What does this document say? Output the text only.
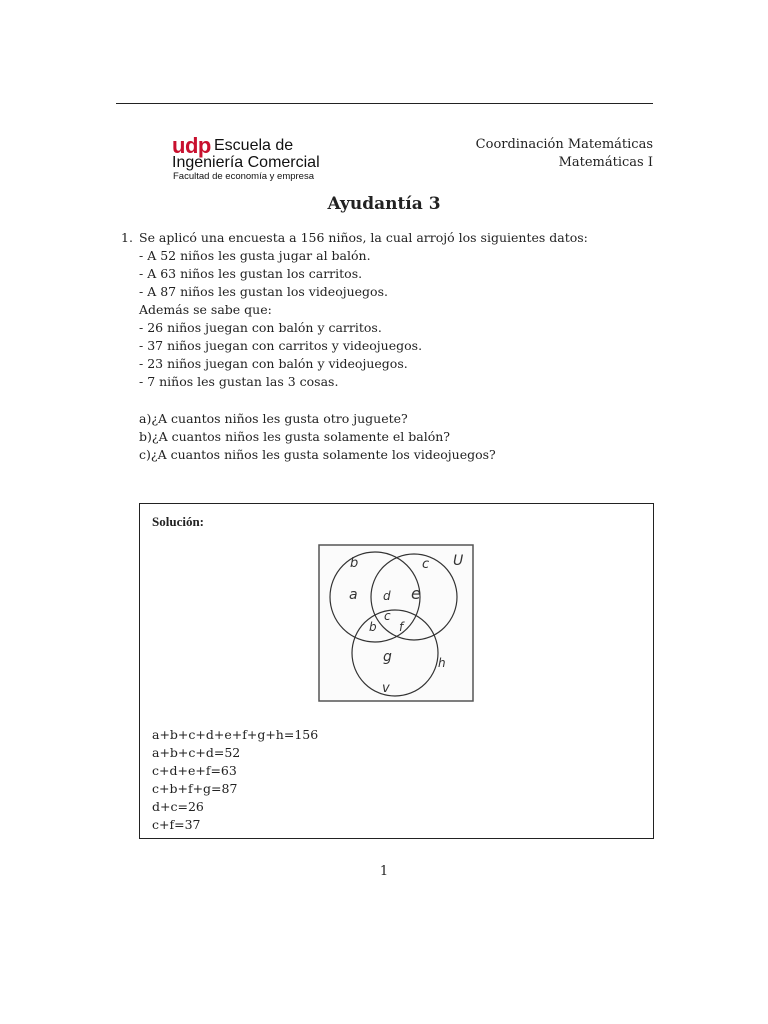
udp Escuela de
Ingeniería Comercial
Facultad de economía y empresa
Coordinación Matemáticas
Matemáticas I
Ayudantía 3
1. Se aplicó una encuesta a 156 niños, la cual arrojó los siguientes datos:
- A 52 niños les gusta jugar al balón.
- A 63 niños les gustan los carritos.
- A 87 niños les gustan los videojuegos.
Además se sabe que:
- 26 niños juegan con balón y carritos.
- 37 niños juegan con carritos y videojuegos.
- 23 niños juegan con balón y videojuegos.
- 7 niños les gustan las 3 cosas.
a)¿A cuantos niños les gusta otro juguete?
b)¿A cuantos niños les gusta solamente el balón?
c)¿A cuantos niños les gusta solamente los videojuegos?
Solución:
b	c U
a d e
c
b f
g	h
v
a+b+c+d+e+f+g+h=156
a+b+c+d=52
c+d+e+f=63
c+b+f+g=87
d+c=26
c+f=37
1
